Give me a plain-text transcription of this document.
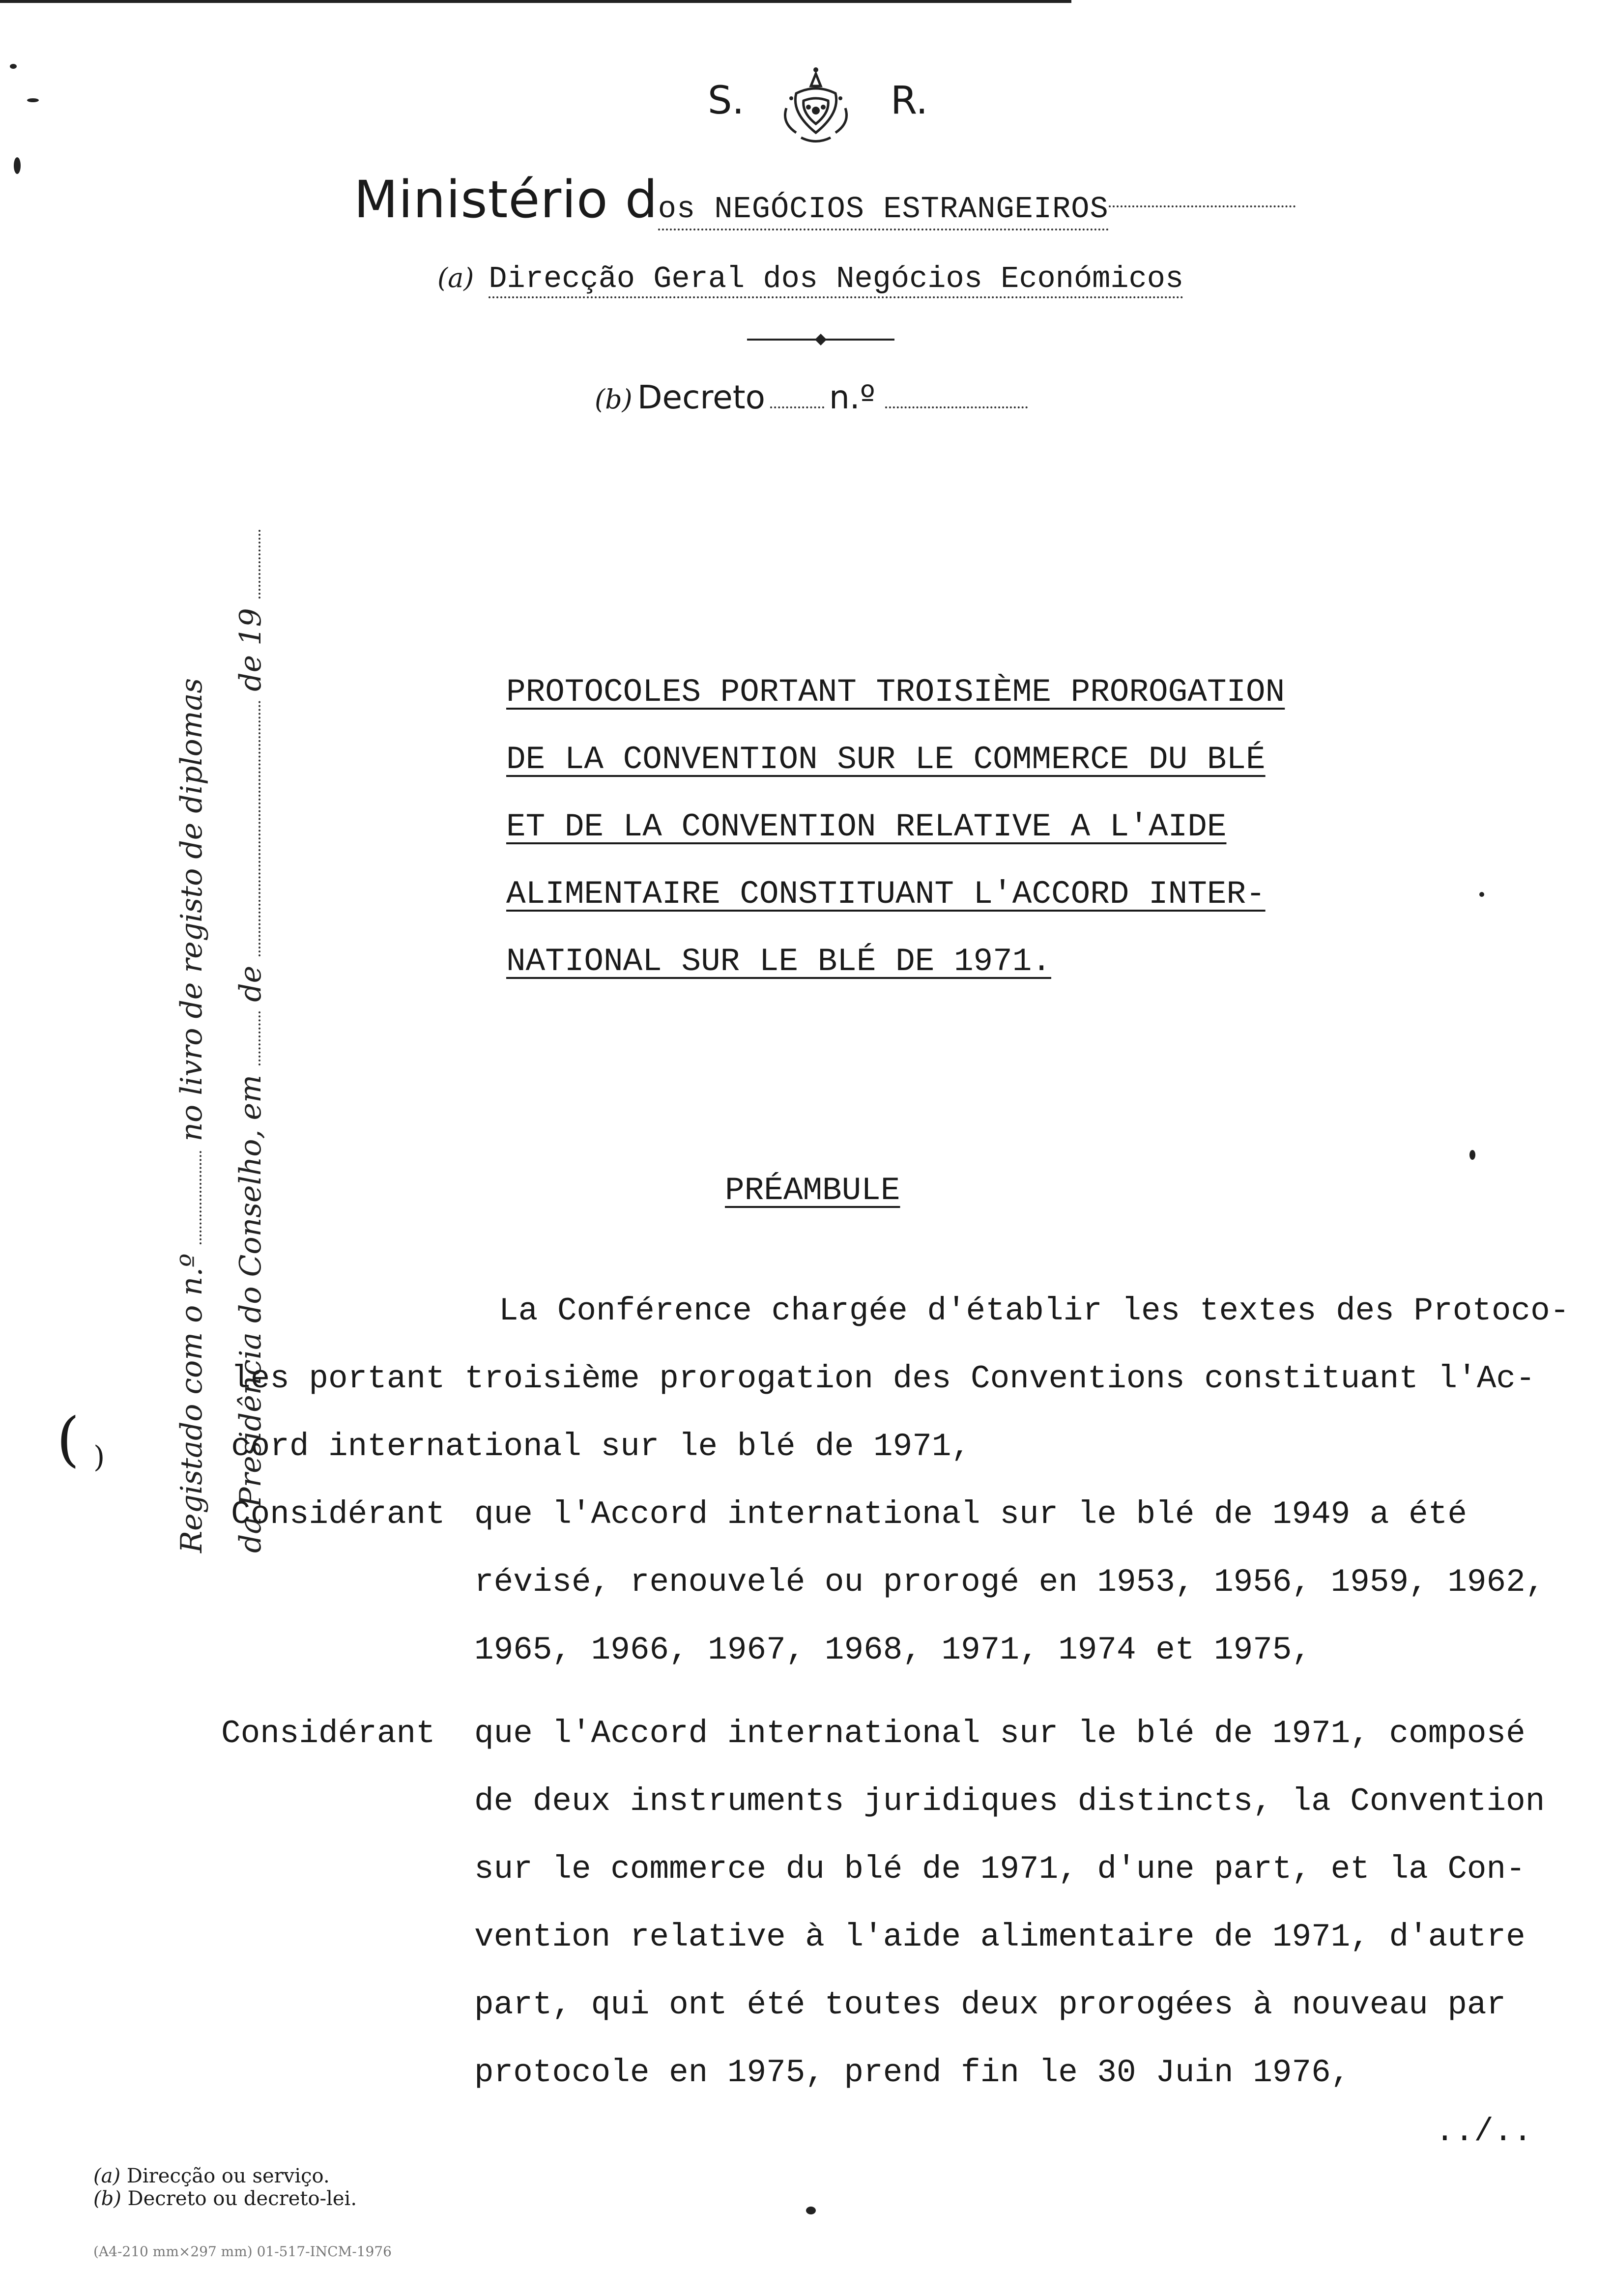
S.	R.
Ministério dos NEGÓCIOS ESTRANGEIROS
(a) Direcção Geral dos Negócios Económicos
(b) Decreto n.º
( )	Registado com o n.º  no livro de registo de diplomas
da Presidência do Conselho, em  de  de 19
PROTOCOLES PORTANT TROISIÈME PROROGATION
DE LA CONVENTION SUR LE COMMERCE DU BLÉ
ET DE LA CONVENTION RELATIVE A L'AIDE
ALIMENTAIRE CONSTITUANT L'ACCORD INTER-
NATIONAL SUR LE BLÉ DE 1971.
PRÉAMBULE
La Conférence chargée d'établir les textes des Protoco-
les portant troisième prorogation des Conventions constituant l'Ac-
cord international sur le blé de 1971,
Considérant que l'Accord international sur le blé de 1949 a été
révisé, renouvelé ou prorogé en 1953, 1956, 1959, 1962,
1965, 1966, 1967, 1968, 1971, 1974 et 1975,
Considérant que l'Accord international sur le blé de 1971, composé
de deux instruments juridiques distincts, la Convention
sur le commerce du blé de 1971, d'une part, et la Con-
vention relative à l'aide alimentaire de 1971, d'autre
part, qui ont été toutes deux prorogées à nouveau par
protocole en 1975, prend fin le 30 Juin 1976,
../..
(a) Direcção ou serviço.
(b) Decreto ou decreto-lei.
(A4-210 mm×297 mm) 01-517-INCM-1976
